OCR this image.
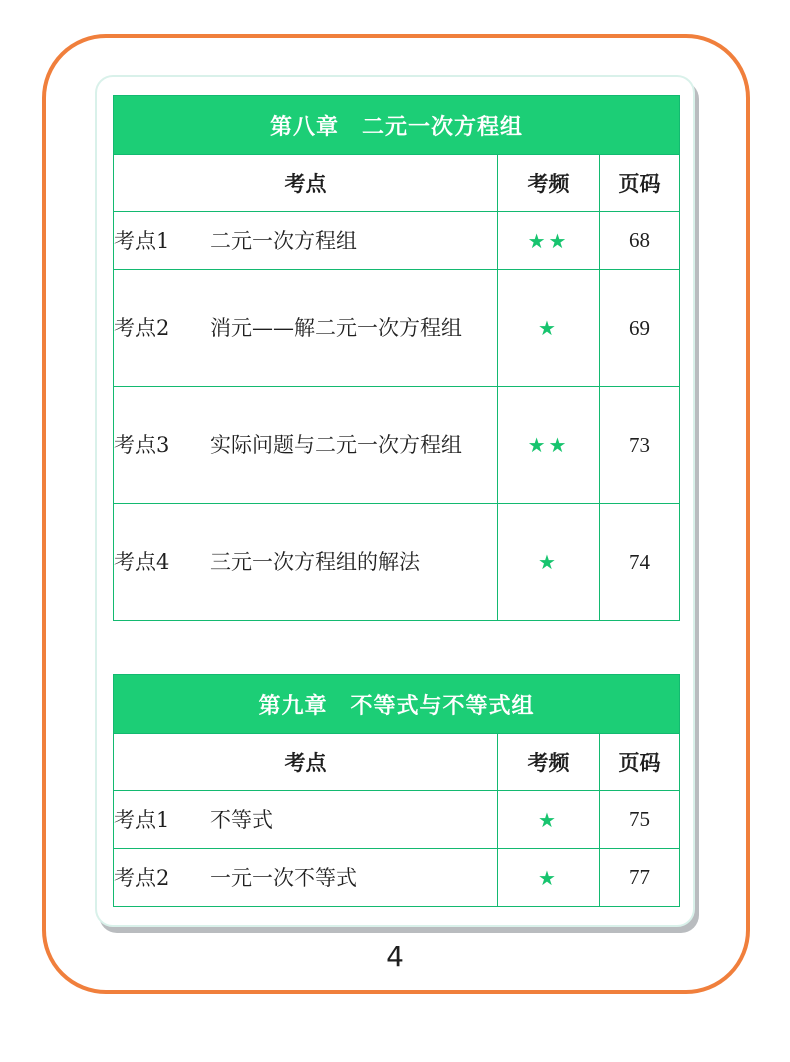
第八章　二元一次方程组		
考点	考频	页码

考点1 二元一次方程组	★★	68

考点2 消元——解二元一次方程组	★	69

考点3 实际问题与二元一次方程组	★★	73

考点4 三元一次方程组的解法	★	74
第九章　不等式与不等式组		
考点	考频	页码

考点1 不等式	★	75

考点2 一元一次不等式	★	77
4
